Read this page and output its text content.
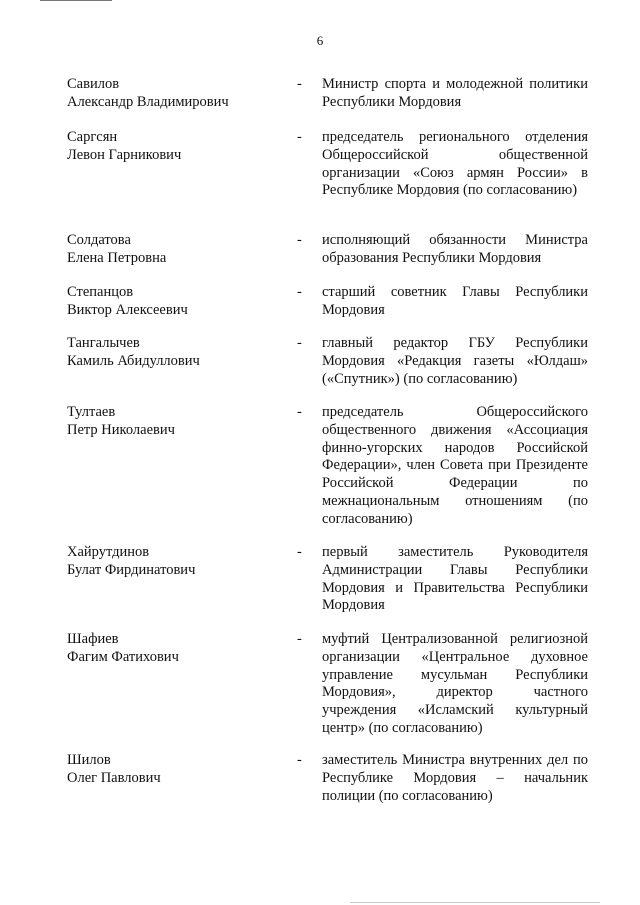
6
Савилов
Александр Владимирович
- Министр спорта и молодежной политики Республики Мордовия
Саргсян
Левон Гарникович
- председатель регионального отделения Общероссийской общественной организации «Союз армян России» в Республике Мордовия (по согласованию)
Солдатова
Елена Петровна
- исполняющий обязанности Министра образования Республики Мордовия
Степанцов
Виктор Алексеевич
- старший советник Главы Республики Мордовия
Тангалычев
Камиль Абидуллович
- главный редактор ГБУ Республики Мордовия «Редакция газеты «Юлдаш» («Спутник») (по согласованию)
Тултаев
Петр Николаевич
- председатель Общероссийского общественного движения «Ассоциация финно-угорских народов Российской Федерации», член Совета при Президенте Российской Федерации по межнациональным отношениям (по согласованию)
Хайрутдинов
Булат Фирдинатович
- первый заместитель Руководителя Администрации Главы Республики Мордовия и Правительства Республики Мордовия
Шафиев
Фагим Фатихович
- муфтий Централизованной религиозной организации «Центральное духовное управление мусульман Республики Мордовия», директор частного учреждения «Исламский культурный центр» (по согласованию)
Шилов
Олег Павлович
- заместитель Министра внутренних дел по Республике Мордовия – начальник полиции (по согласованию)
